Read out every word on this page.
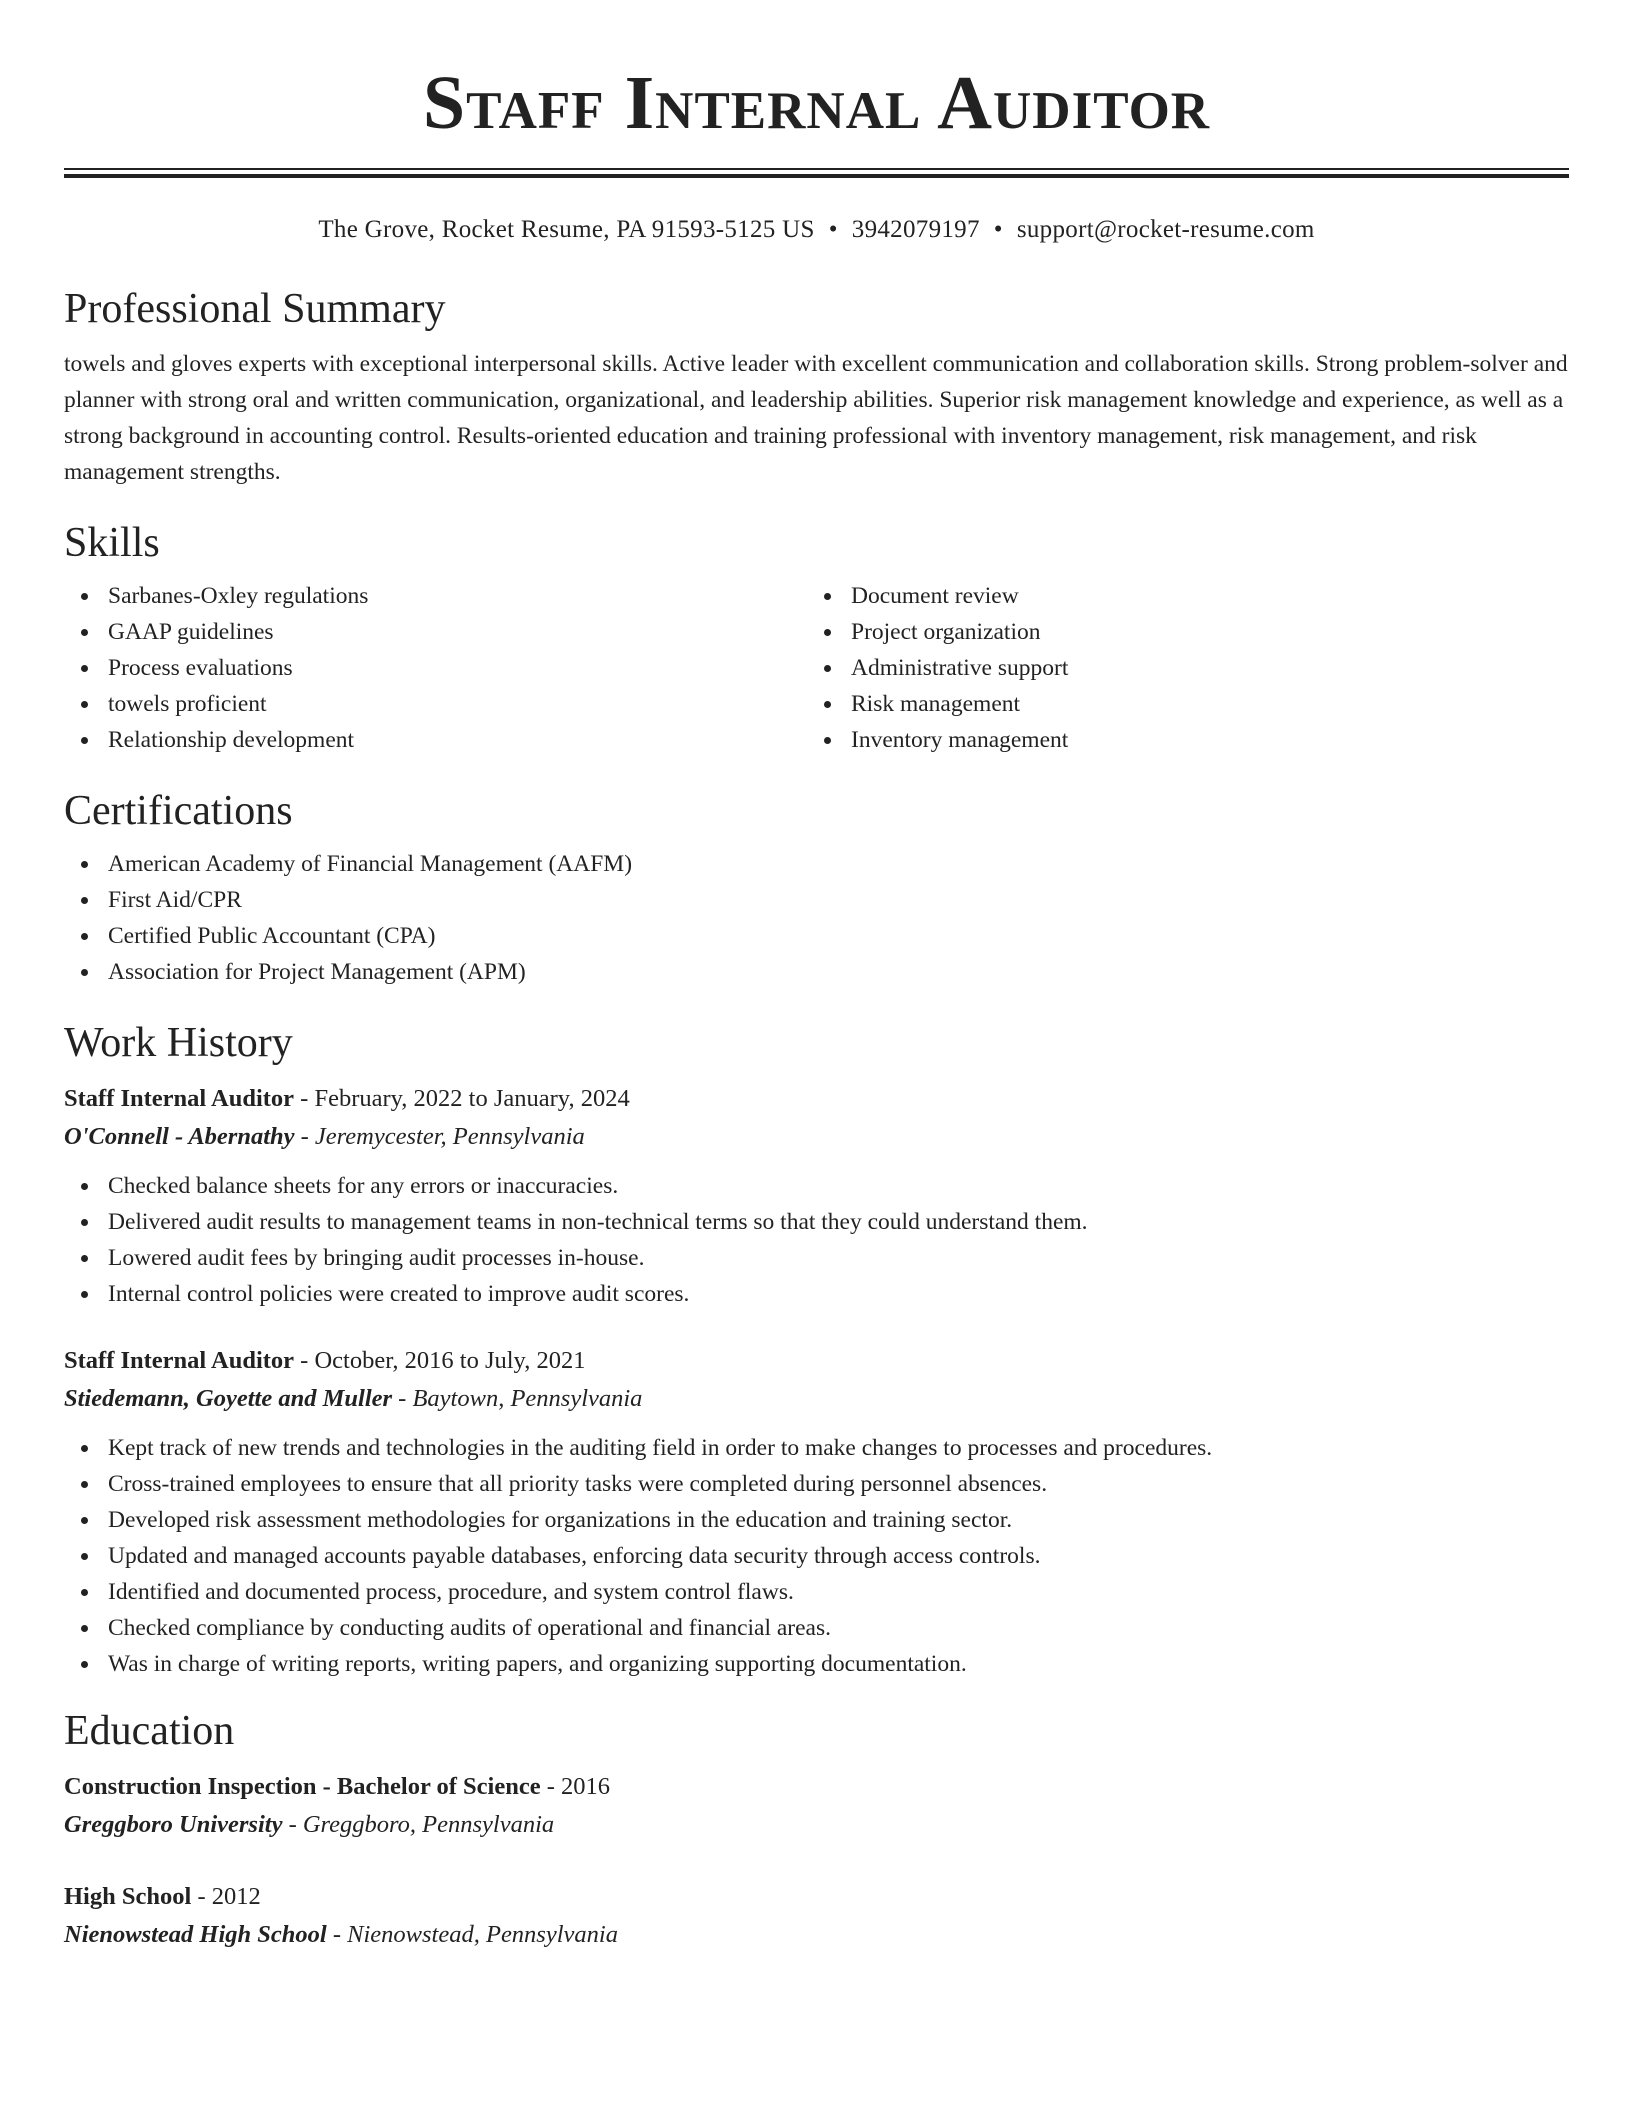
Staff Internal Auditor
The Grove, Rocket Resume, PA 91593-5125 US • 3942079197 • support@rocket-resume.com
Professional Summary

towels and gloves experts with exceptional interpersonal skills. Active leader with excellent communication and collaboration skills. Strong problem-solver and planner with strong oral and written communication, organizational, and leadership abilities. Superior risk management knowledge and experience, as well as a strong background in accounting control. Results-oriented education and training professional with inventory management, risk management, and risk management strengths.

Skills
Sarbanes-Oxley regulations
GAAP guidelines
Process evaluations
towels proficient
Relationship development
Document review
Project organization
Administrative support
Risk management
Inventory management
Certifications
American Academy of Financial Management (AAFM)
First Aid/CPR
Certified Public Accountant (CPA)
Association for Project Management (APM)
Work History
Staff Internal Auditor - February, 2022 to January, 2024
O'Connell - Abernathy - Jeremycester, Pennsylvania
Checked balance sheets for any errors or inaccuracies.
Delivered audit results to management teams in non-technical terms so that they could understand them.
Lowered audit fees by bringing audit processes in-house.
Internal control policies were created to improve audit scores.
Staff Internal Auditor - October, 2016 to July, 2021
Stiedemann, Goyette and Muller - Baytown, Pennsylvania
Kept track of new trends and technologies in the auditing field in order to make changes to processes and procedures.
Cross-trained employees to ensure that all priority tasks were completed during personnel absences.
Developed risk assessment methodologies for organizations in the education and training sector.
Updated and managed accounts payable databases, enforcing data security through access controls.
Identified and documented process, procedure, and system control flaws.
Checked compliance by conducting audits of operational and financial areas.
Was in charge of writing reports, writing papers, and organizing supporting documentation.
Education
Construction Inspection - Bachelor of Science - 2016
Greggboro University - Greggboro, Pennsylvania
High School - 2012
Nienowstead High School - Nienowstead, Pennsylvania
